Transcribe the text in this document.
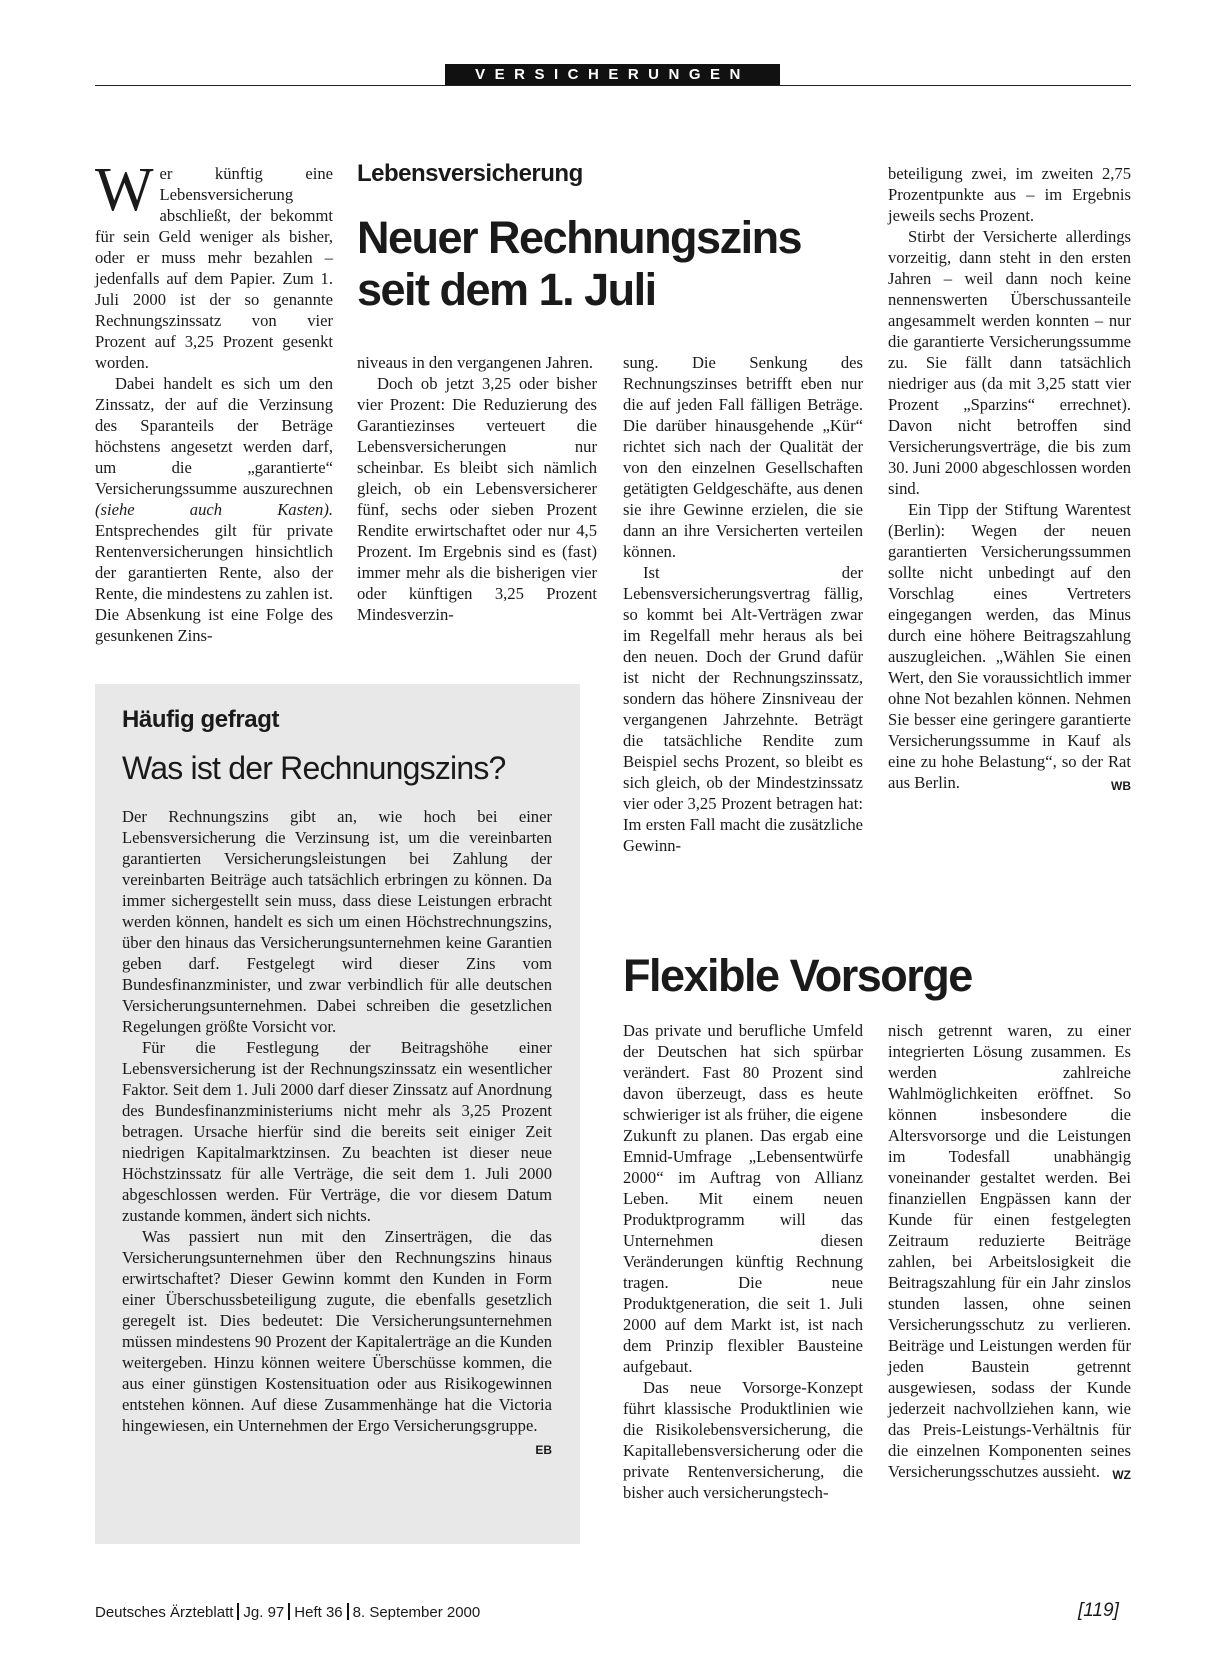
VERSICHERUNGEN

Wer künftig eine Lebensversicherung abschließt, der bekommt für sein Geld weniger als bisher, oder er muss mehr bezahlen – jedenfalls auf dem Papier. Zum 1. Juli 2000 ist der so genannte Rechnungszinssatz von vier Prozent auf 3,25 Prozent gesenkt worden.

Dabei handelt es sich um den Zinssatz, der auf die Verzinsung des Sparanteils der Beträge höchstens angesetzt werden darf, um die „garantierte“ Versicherungssumme auszurechnen (siehe auch Kasten). Entsprechendes gilt für private Rentenversicherungen hinsichtlich der garantierten Rente, also der Rente, die mindestens zu zahlen ist. Die Absenkung ist eine Folge des gesunkenen Zins-

Lebensversicherung
Neuer Rechnungszins seit dem 1. Juli

niveaus in den vergangenen Jahren.

Doch ob jetzt 3,25 oder bisher vier Prozent: Die Reduzierung des Garantiezinses verteuert die Lebensversicherungen nur scheinbar. Es bleibt sich nämlich gleich, ob ein Lebensversicherer fünf, sechs oder sieben Prozent Rendite erwirtschaftet oder nur 4,5 Prozent. Im Ergebnis sind es (fast) immer mehr als die bisherigen vier oder künftigen 3,25 Prozent Mindesverzin-

sung. Die Senkung des Rechnungszinses betrifft eben nur die auf jeden Fall fälligen Beträge. Die darüber hinausgehende „Kür“ richtet sich nach der Qualität der von den einzelnen Gesellschaften getätigten Geldgeschäfte, aus denen sie ihre Gewinne erzielen, die sie dann an ihre Versicherten verteilen können.

Ist der Lebensversicherungsvertrag fällig, so kommt bei Alt-Verträgen zwar im Regelfall mehr heraus als bei den neuen. Doch der Grund dafür ist nicht der Rechnungszinssatz, sondern das höhere Zinsniveau der vergangenen Jahrzehnte. Beträgt die tatsächliche Rendite zum Beispiel sechs Prozent, so bleibt es sich gleich, ob der Mindestzinssatz vier oder 3,25 Prozent betragen hat: Im ersten Fall macht die zusätzliche Gewinn-

beteiligung zwei, im zweiten 2,75 Prozentpunkte aus – im Ergebnis jeweils sechs Prozent.

Stirbt der Versicherte allerdings vorzeitig, dann steht in den ersten Jahren – weil dann noch keine nennenswerten Überschussanteile angesammelt werden konnten – nur die garantierte Versicherungssumme zu. Sie fällt dann tatsächlich niedriger aus (da mit 3,25 statt vier Prozent „Sparzins“ errechnet). Davon nicht betroffen sind Versicherungsverträge, die bis zum 30. Juni 2000 abgeschlossen worden sind.

Ein Tipp der Stiftung Warentest (Berlin): Wegen der neuen garantierten Versicherungssummen sollte nicht unbedingt auf den Vorschlag eines Vertreters eingegangen werden, das Minus durch eine höhere Beitragszahlung auszugleichen. „Wählen Sie einen Wert, den Sie voraussichtlich immer ohne Not bezahlen können. Nehmen Sie besser eine geringere garantierte Versicherungssumme in Kauf als eine zu hohe Belastung“, so der Rat aus Berlin.	WB

Häufig gefragt
Was ist der Rechnungszins?

Der Rechnungszins gibt an, wie hoch bei einer Lebensversicherung die Verzinsung ist, um die vereinbarten garantierten Versicherungsleistungen bei Zahlung der vereinbarten Beiträge auch tatsächlich erbringen zu können. Da immer sichergestellt sein muss, dass diese Leistungen erbracht werden können, handelt es sich um einen Höchstrechnungszins, über den hinaus das Versicherungsunternehmen keine Garantien geben darf. Festgelegt wird dieser Zins vom Bundesfinanzminister, und zwar verbindlich für alle deutschen Versicherungsunternehmen. Dabei schreiben die gesetzlichen Regelungen größte Vorsicht vor.

Für die Festlegung der Beitragshöhe einer Lebensversicherung ist der Rechnungszinssatz ein wesentlicher Faktor. Seit dem 1. Juli 2000 darf dieser Zinssatz auf Anordnung des Bundesfinanzministeriums nicht mehr als 3,25 Prozent betragen. Ursache hierfür sind die bereits seit einiger Zeit niedrigen Kapitalmarktzinsen. Zu beachten ist dieser neue Höchstzinssatz für alle Verträge, die seit dem 1. Juli 2000 abgeschlossen werden. Für Verträge, die vor diesem Datum zustande kommen, ändert sich nichts.

Was passiert nun mit den Zinserträgen, die das Versicherungsunternehmen über den Rechnungszins hinaus erwirtschaftet? Dieser Gewinn kommt den Kunden in Form einer Überschussbeteiligung zugute, die ebenfalls gesetzlich geregelt ist. Dies bedeutet: Die Versicherungsunternehmen müssen mindestens 90 Prozent der Kapitalerträge an die Kunden weitergeben. Hinzu können weitere Überschüsse kommen, die aus einer günstigen Kostensituation oder aus Risikogewinnen entstehen können. Auf diese Zusammenhänge hat die Victoria hingewiesen, ein Unternehmen der Ergo Versicherungsgruppe.
EB

Flexible Vorsorge

Das private und berufliche Umfeld der Deutschen hat sich spürbar verändert. Fast 80 Prozent sind davon überzeugt, dass es heute schwieriger ist als früher, die eigene Zukunft zu planen. Das ergab eine Emnid-Umfrage „Lebensentwürfe 2000“ im Auftrag von Allianz Leben. Mit einem neuen Produktprogramm will das Unternehmen diesen Veränderungen künftig Rechnung tragen. Die neue Produktgeneration, die seit 1. Juli 2000 auf dem Markt ist, ist nach dem Prinzip flexibler Bausteine aufgebaut.

Das neue Vorsorge-Konzept führt klassische Produktlinien wie die Risikolebensversicherung, die Kapitallebensversicherung oder die private Rentenversicherung, die bisher auch versicherungstech-

nisch getrennt waren, zu einer integrierten Lösung zusammen. Es werden zahlreiche Wahlmöglichkeiten eröffnet. So können insbesondere die Altersvorsorge und die Leistungen im Todesfall unabhängig voneinander gestaltet werden. Bei finanziellen Engpässen kann der Kunde für einen festgelegten Zeitraum reduzierte Beiträge zahlen, bei Arbeitslosigkeit die Beitragszahlung für ein Jahr zinslos stunden lassen, ohne seinen Versicherungsschutz zu verlieren. Beiträge und Leistungen werden für jeden Baustein getrennt ausgewiesen, sodass der Kunde jederzeit nachvollziehen kann, wie das Preis-Leistungs-Verhältnis für die einzelnen Komponenten seines Versicherungsschutzes aussieht. WZ

Deutsches Ärzteblatt Jg. 97 Heft 36 8. September 2000	[119]
